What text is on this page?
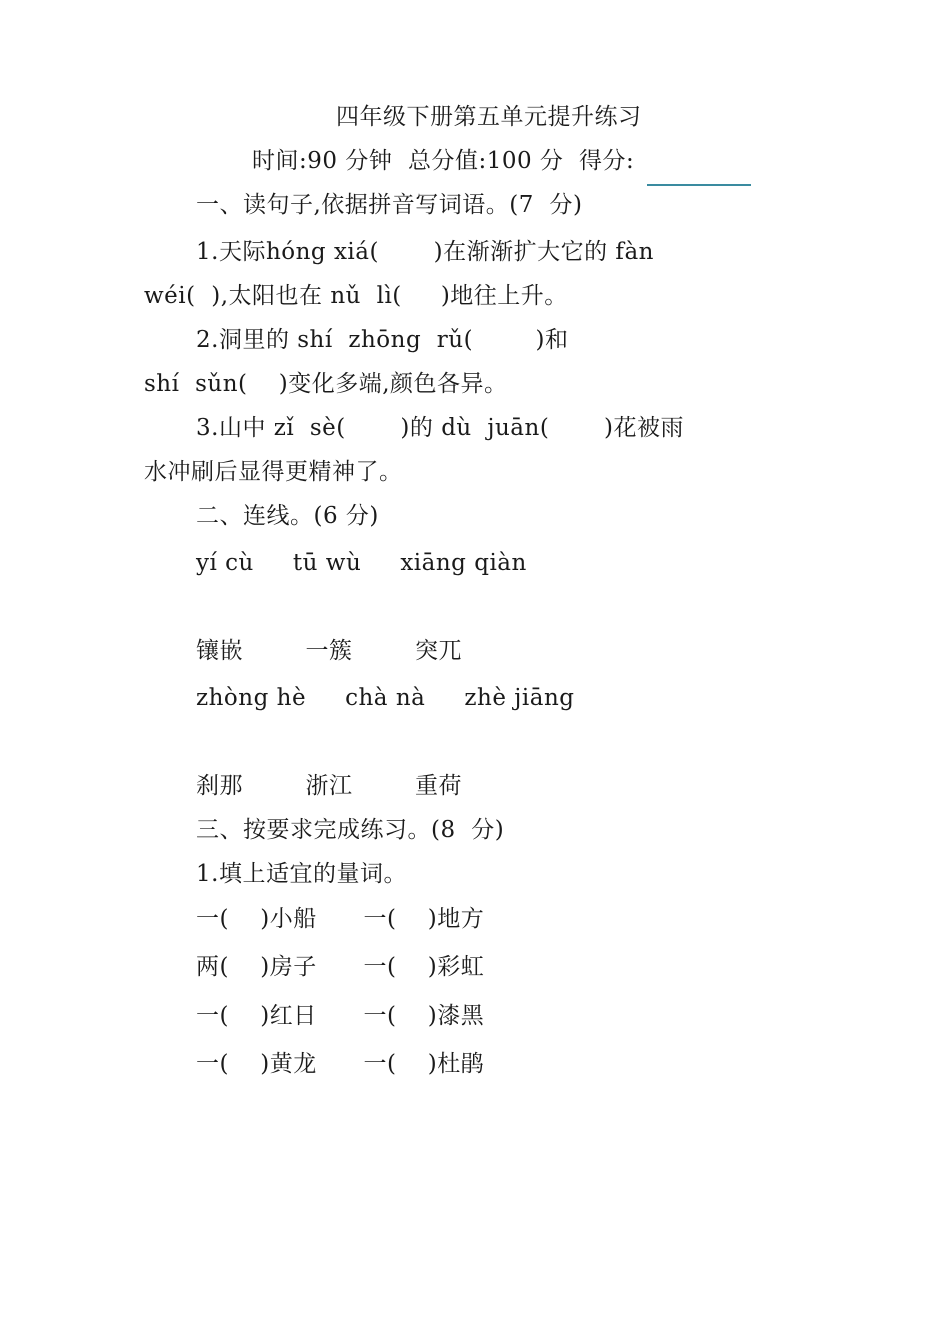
四年级下册第五单元提升练习
时间:90 分钟  总分值:100 分  得分:
一、读句子,依据拼音写词语。(7  分)
1.天际hóng xiá(       )在渐渐扩大它的 fàn
wéi(  ),太阳也在 nǔ  lì(     )地往上升。
2.洞里的 shí  zhōng  rǔ(        )和
shí  sǔn(    )变化多端,颜色各异。
3.山中 zǐ  sè(       )的 dù  juān(       )花被雨
水冲刷后显得更精神了。
二、连线。(6 分)
yí cù     tū wù     xiāng qiàn
镶嵌        一簇        突兀
zhòng hè     chà nà     zhè jiāng
刹那        浙江        重荷
三、按要求完成练习。(8  分)
1.填上适宜的量词。
一(    )小船      一(    )地方
两(    )房子      一(    )彩虹
一(    )红日      一(    )漆黑
一(    )黄龙      一(    )杜鹃
